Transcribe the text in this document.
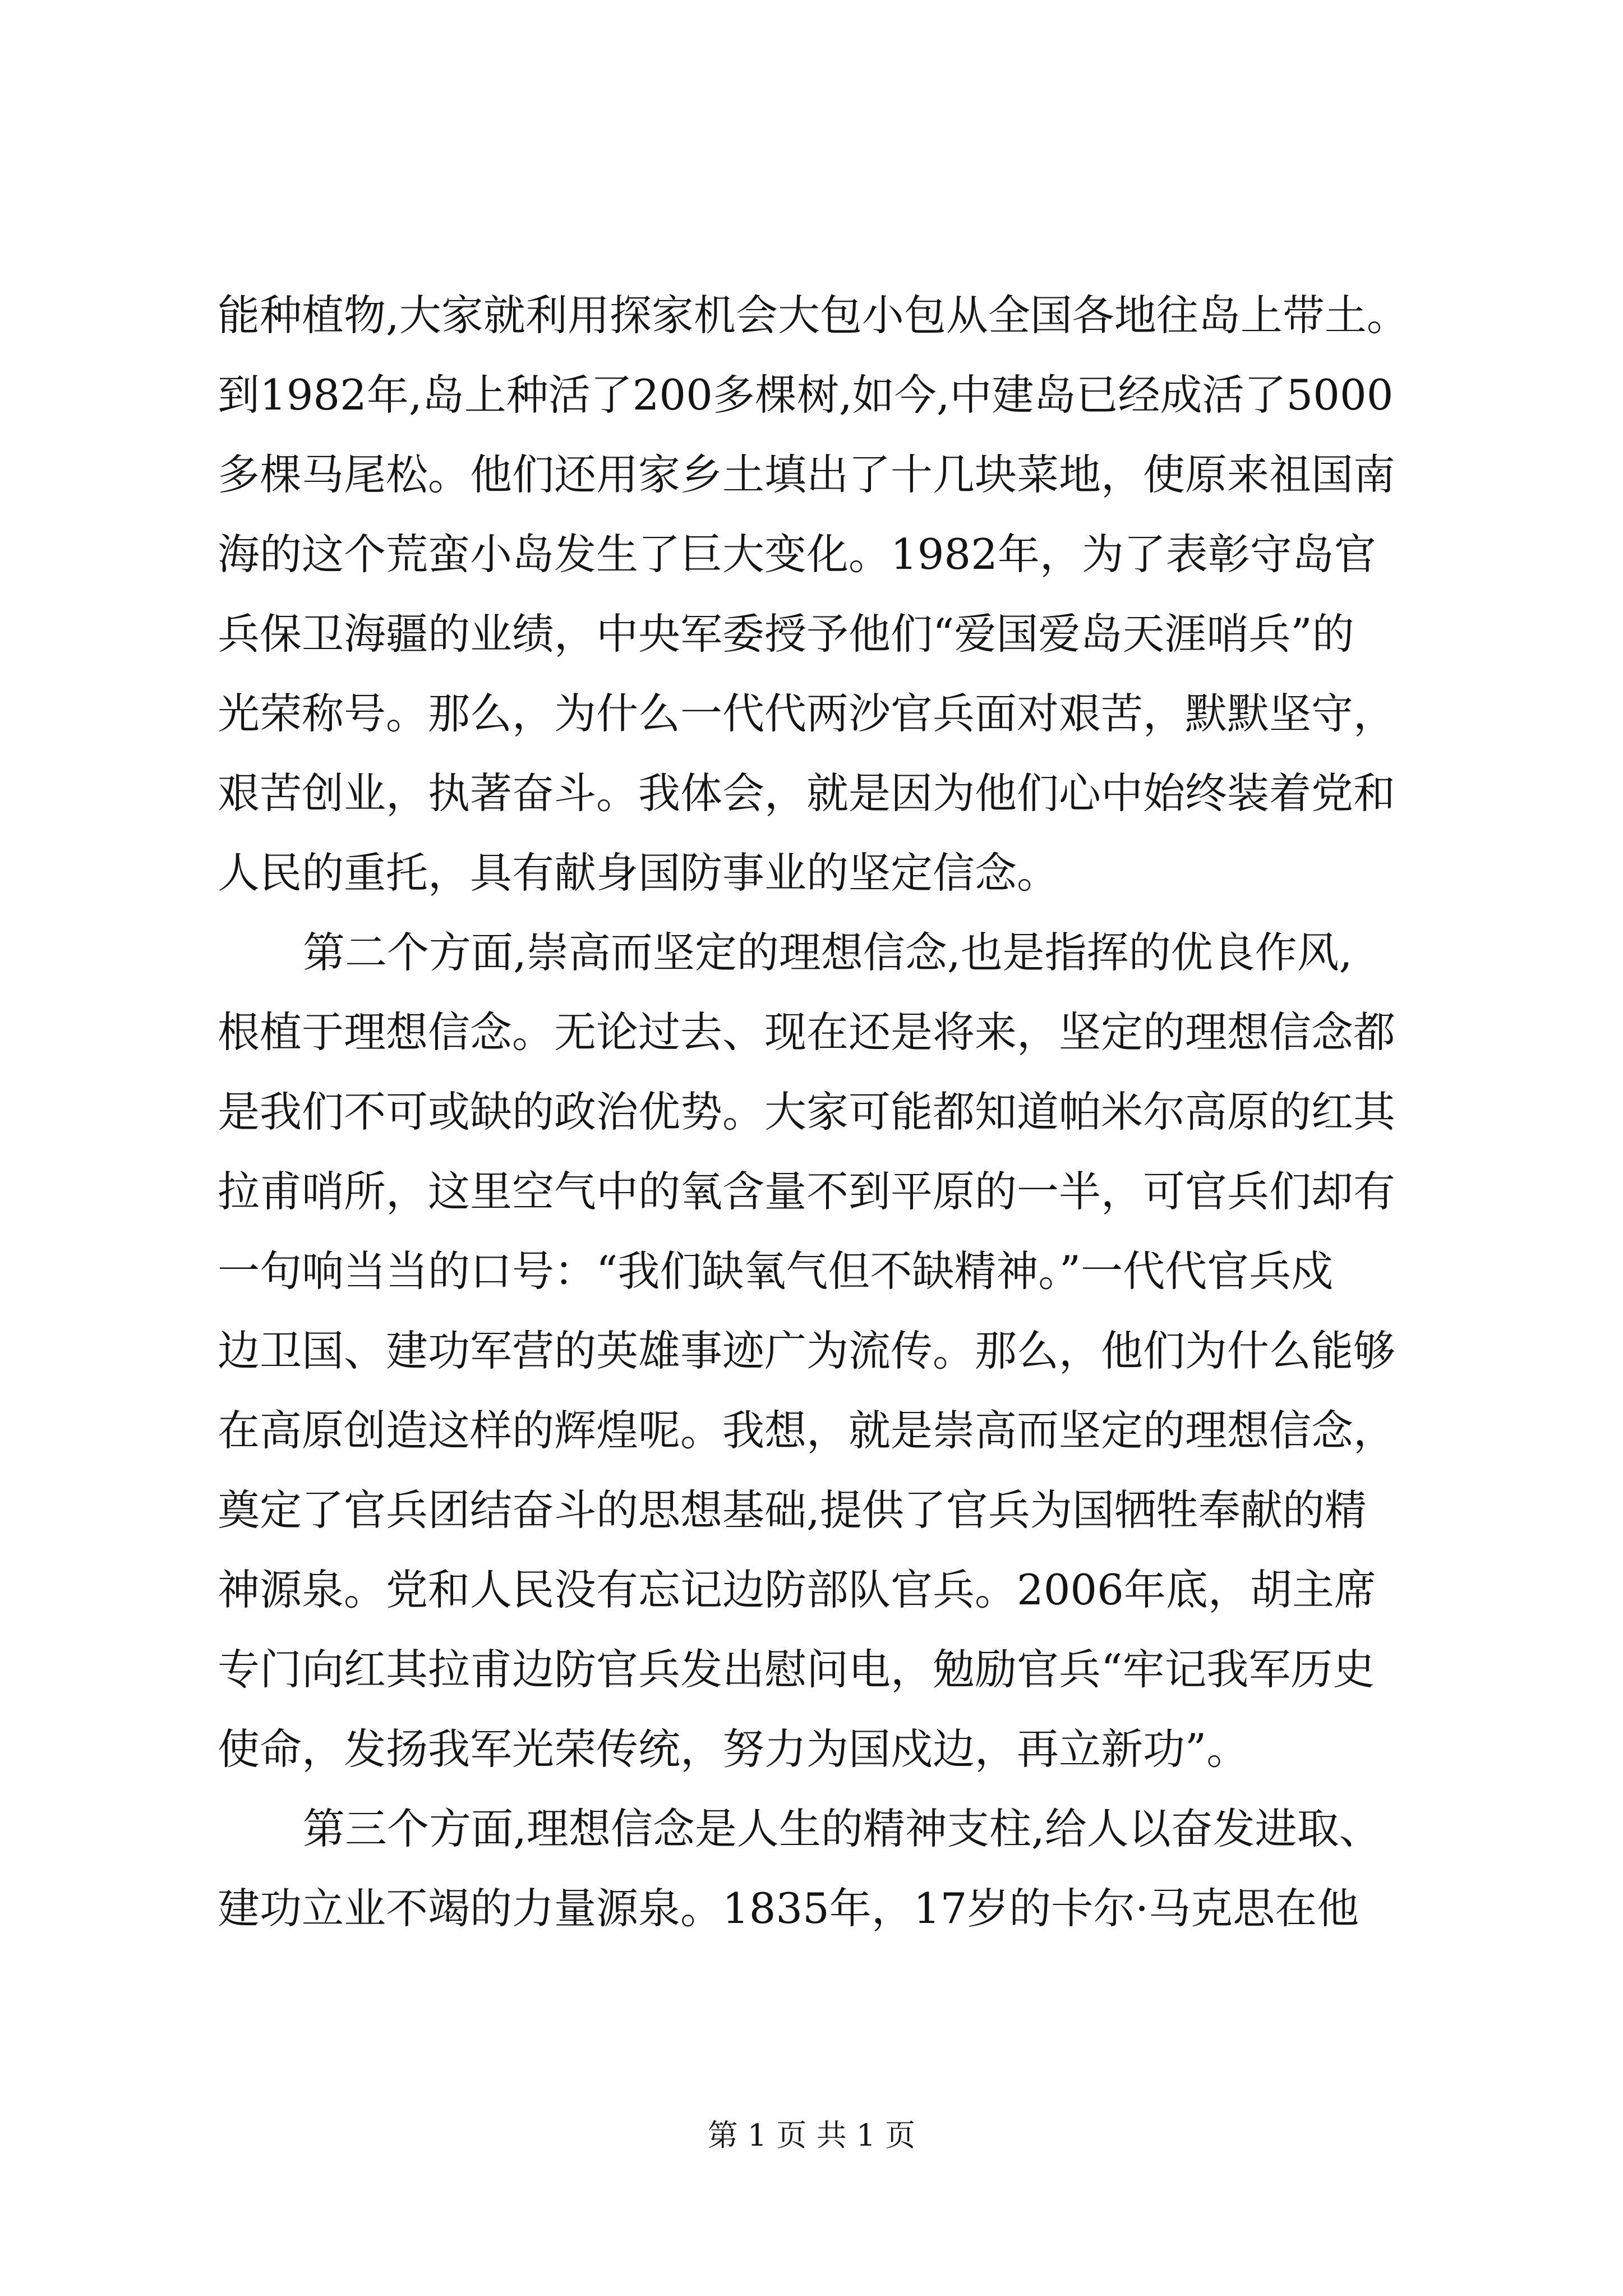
能种植物,大家就利用探家机会大包小包从全国各地往岛上带土。
到1982年,岛上种活了200多棵树,如今,中建岛已经成活了5000
多棵马尾松。他们还用家乡土填出了十几块菜地，使原来祖国南
海的这个荒蛮小岛发生了巨大变化。1982年，为了表彰守岛官
兵保卫海疆的业绩，中央军委授予他们“爱国爱岛天涯哨兵”的
光荣称号。那么，为什么一代代两沙官兵面对艰苦，默默坚守，
艰苦创业，执著奋斗。我体会，就是因为他们心中始终装着党和
人民的重托，具有献身国防事业的坚定信念。
第二个方面,崇高而坚定的理想信念,也是指挥的优良作风,
根植于理想信念。无论过去、现在还是将来，坚定的理想信念都
是我们不可或缺的政治优势。大家可能都知道帕米尔高原的红其
拉甫哨所，这里空气中的氧含量不到平原的一半，可官兵们却有
一句响当当的口号：“我们缺氧气但不缺精神。”一代代官兵戍
边卫国、建功军营的英雄事迹广为流传。那么，他们为什么能够
在高原创造这样的辉煌呢。我想，就是崇高而坚定的理想信念，
奠定了官兵团结奋斗的思想基础,提供了官兵为国牺牲奉献的精
神源泉。党和人民没有忘记边防部队官兵。2006年底，胡主席
专门向红其拉甫边防官兵发出慰问电，勉励官兵“牢记我军历史
使命，发扬我军光荣传统，努力为国戍边，再立新功”。
第三个方面,理想信念是人生的精神支柱,给人以奋发进取、
建功立业不竭的力量源泉。1835年，17岁的卡尔·马克思在他
第 1 页 共 1 页
